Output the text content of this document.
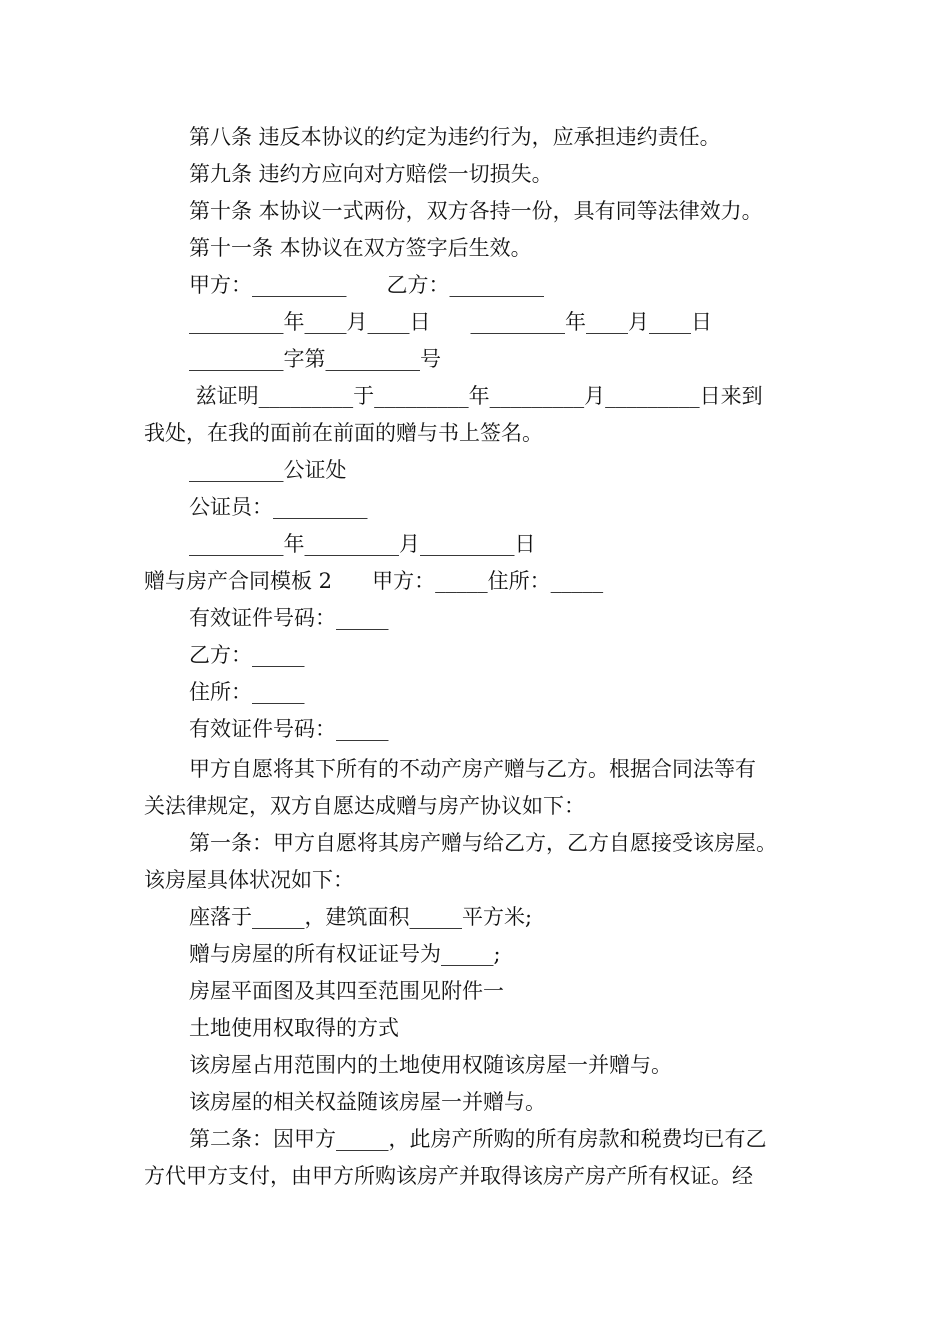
第八条 违反本协议的约定为违约行为，应承担违约责任。
第九条 违约方应向对方赔偿一切损失。
第十条 本协议一式两份，双方各持一份，具有同等法律效力。
第十一条 本协议在双方签字后生效。
甲方：_________      乙方：_________
_________年____月____日      _________年____月____日
_________字第_________号
兹证明_________于_________年_________月_________日来到
我处，在我的面前在前面的赠与书上签名。
_________公证处
公证员：_________
_________年_________月_________日
赠与房产合同模板 2      甲方：_____住所：_____
有效证件号码：_____
乙方：_____
住所：_____
有效证件号码：_____
甲方自愿将其下所有的不动产房产赠与乙方。根据合同法等有
关法律规定，双方自愿达成赠与房产协议如下：
第一条：甲方自愿将其房产赠与给乙方，乙方自愿接受该房屋。
该房屋具体状况如下：
座落于_____，建筑面积_____平方米;
赠与房屋的所有权证证号为_____;
房屋平面图及其四至范围见附件一
土地使用权取得的方式
该房屋占用范围内的土地使用权随该房屋一并赠与。
该房屋的相关权益随该房屋一并赠与。
第二条：因甲方_____，此房产所购的所有房款和税费均已有乙
方代甲方支付，由甲方所购该房产并取得该房产房产所有权证。经
